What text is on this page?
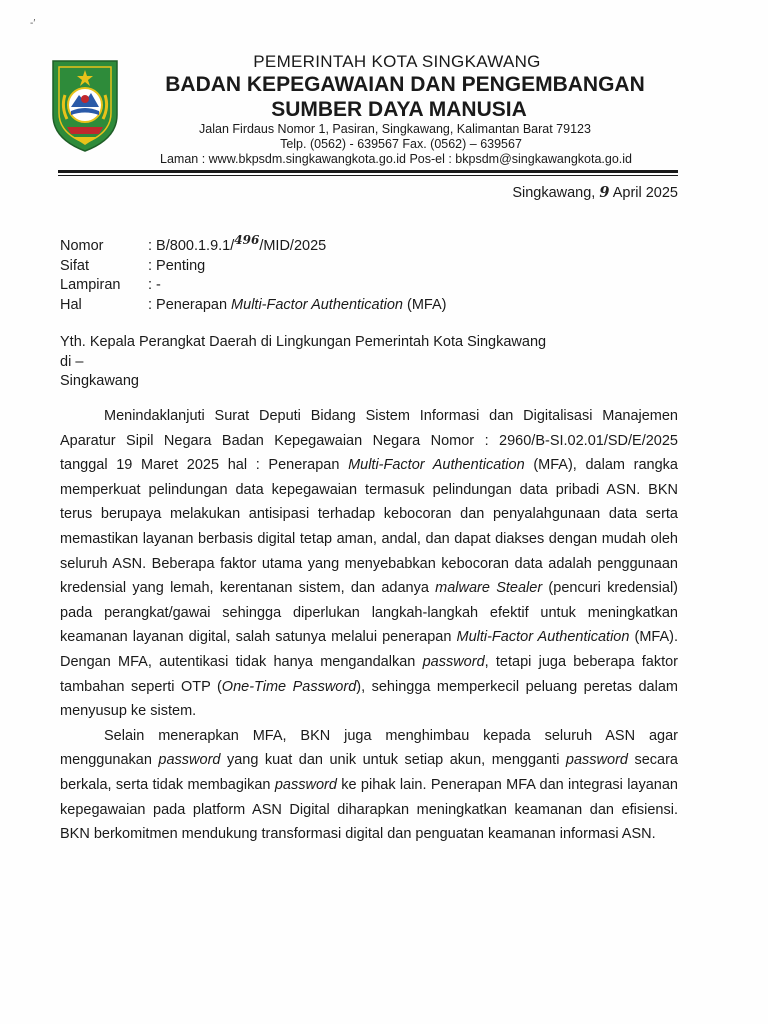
-′
PEMERINTAH KOTA SINGKAWANG
BADAN KEPEGAWAIAN DAN PENGEMBANGAN
SUMBER DAYA MANUSIA
Jalan Firdaus Nomor 1, Pasiran, Singkawang, Kalimantan Barat 79123
Telp. (0562) - 639567 Fax. (0562) – 639567
Laman : www.bkpsdm.singkawangkota.go.id Pos-el : bkpsdm@singkawangkota.go.id
Singkawang, 9 April 2025
Nomor	: B/800.1.9.1/$^{496}$/MID/2025
Sifat	: Penting
Lampiran	: -
Hal	: Penerapan Multi-Factor Authentication (MFA)
Yth. Kepala Perangkat Daerah di Lingkungan Pemerintah Kota Singkawang
di –
Singkawang

Menindaklanjuti Surat Deputi Bidang Sistem Informasi dan Digitalisasi Manajemen Aparatur Sipil Negara Badan Kepegawaian Negara Nomor : 2960/B-SI.02.01/SD/E/2025 tanggal 19 Maret 2025 hal : Penerapan Multi-Factor Authentication (MFA), dalam rangka memperkuat pelindungan data kepegawaian termasuk pelindungan data pribadi ASN. BKN terus berupaya melakukan antisipasi terhadap kebocoran dan penyalahgunaan data serta memastikan layanan berbasis digital tetap aman, andal, dan dapat diakses dengan mudah oleh seluruh ASN. Beberapa faktor utama yang menyebabkan kebocoran data adalah penggunaan kredensial yang lemah, kerentanan sistem, dan adanya malware Stealer (pencuri kredensial) pada perangkat/gawai sehingga diperlukan langkah-langkah efektif untuk meningkatkan keamanan layanan digital, salah satunya melalui penerapan Multi-Factor Authentication (MFA). Dengan MFA, autentikasi tidak hanya mengandalkan password, tetapi juga beberapa faktor tambahan seperti OTP (One-Time Password), sehingga memperkecil peluang peretas dalam menyusup ke sistem.

Selain menerapkan MFA, BKN juga menghimbau kepada seluruh ASN agar menggunakan password yang kuat dan unik untuk setiap akun, mengganti password secara berkala, serta tidak membagikan password ke pihak lain. Penerapan MFA dan integrasi layanan kepegawaian pada platform ASN Digital diharapkan meningkatkan keamanan dan efisiensi. BKN berkomitmen mendukung transformasi digital dan penguatan keamanan informasi ASN.
